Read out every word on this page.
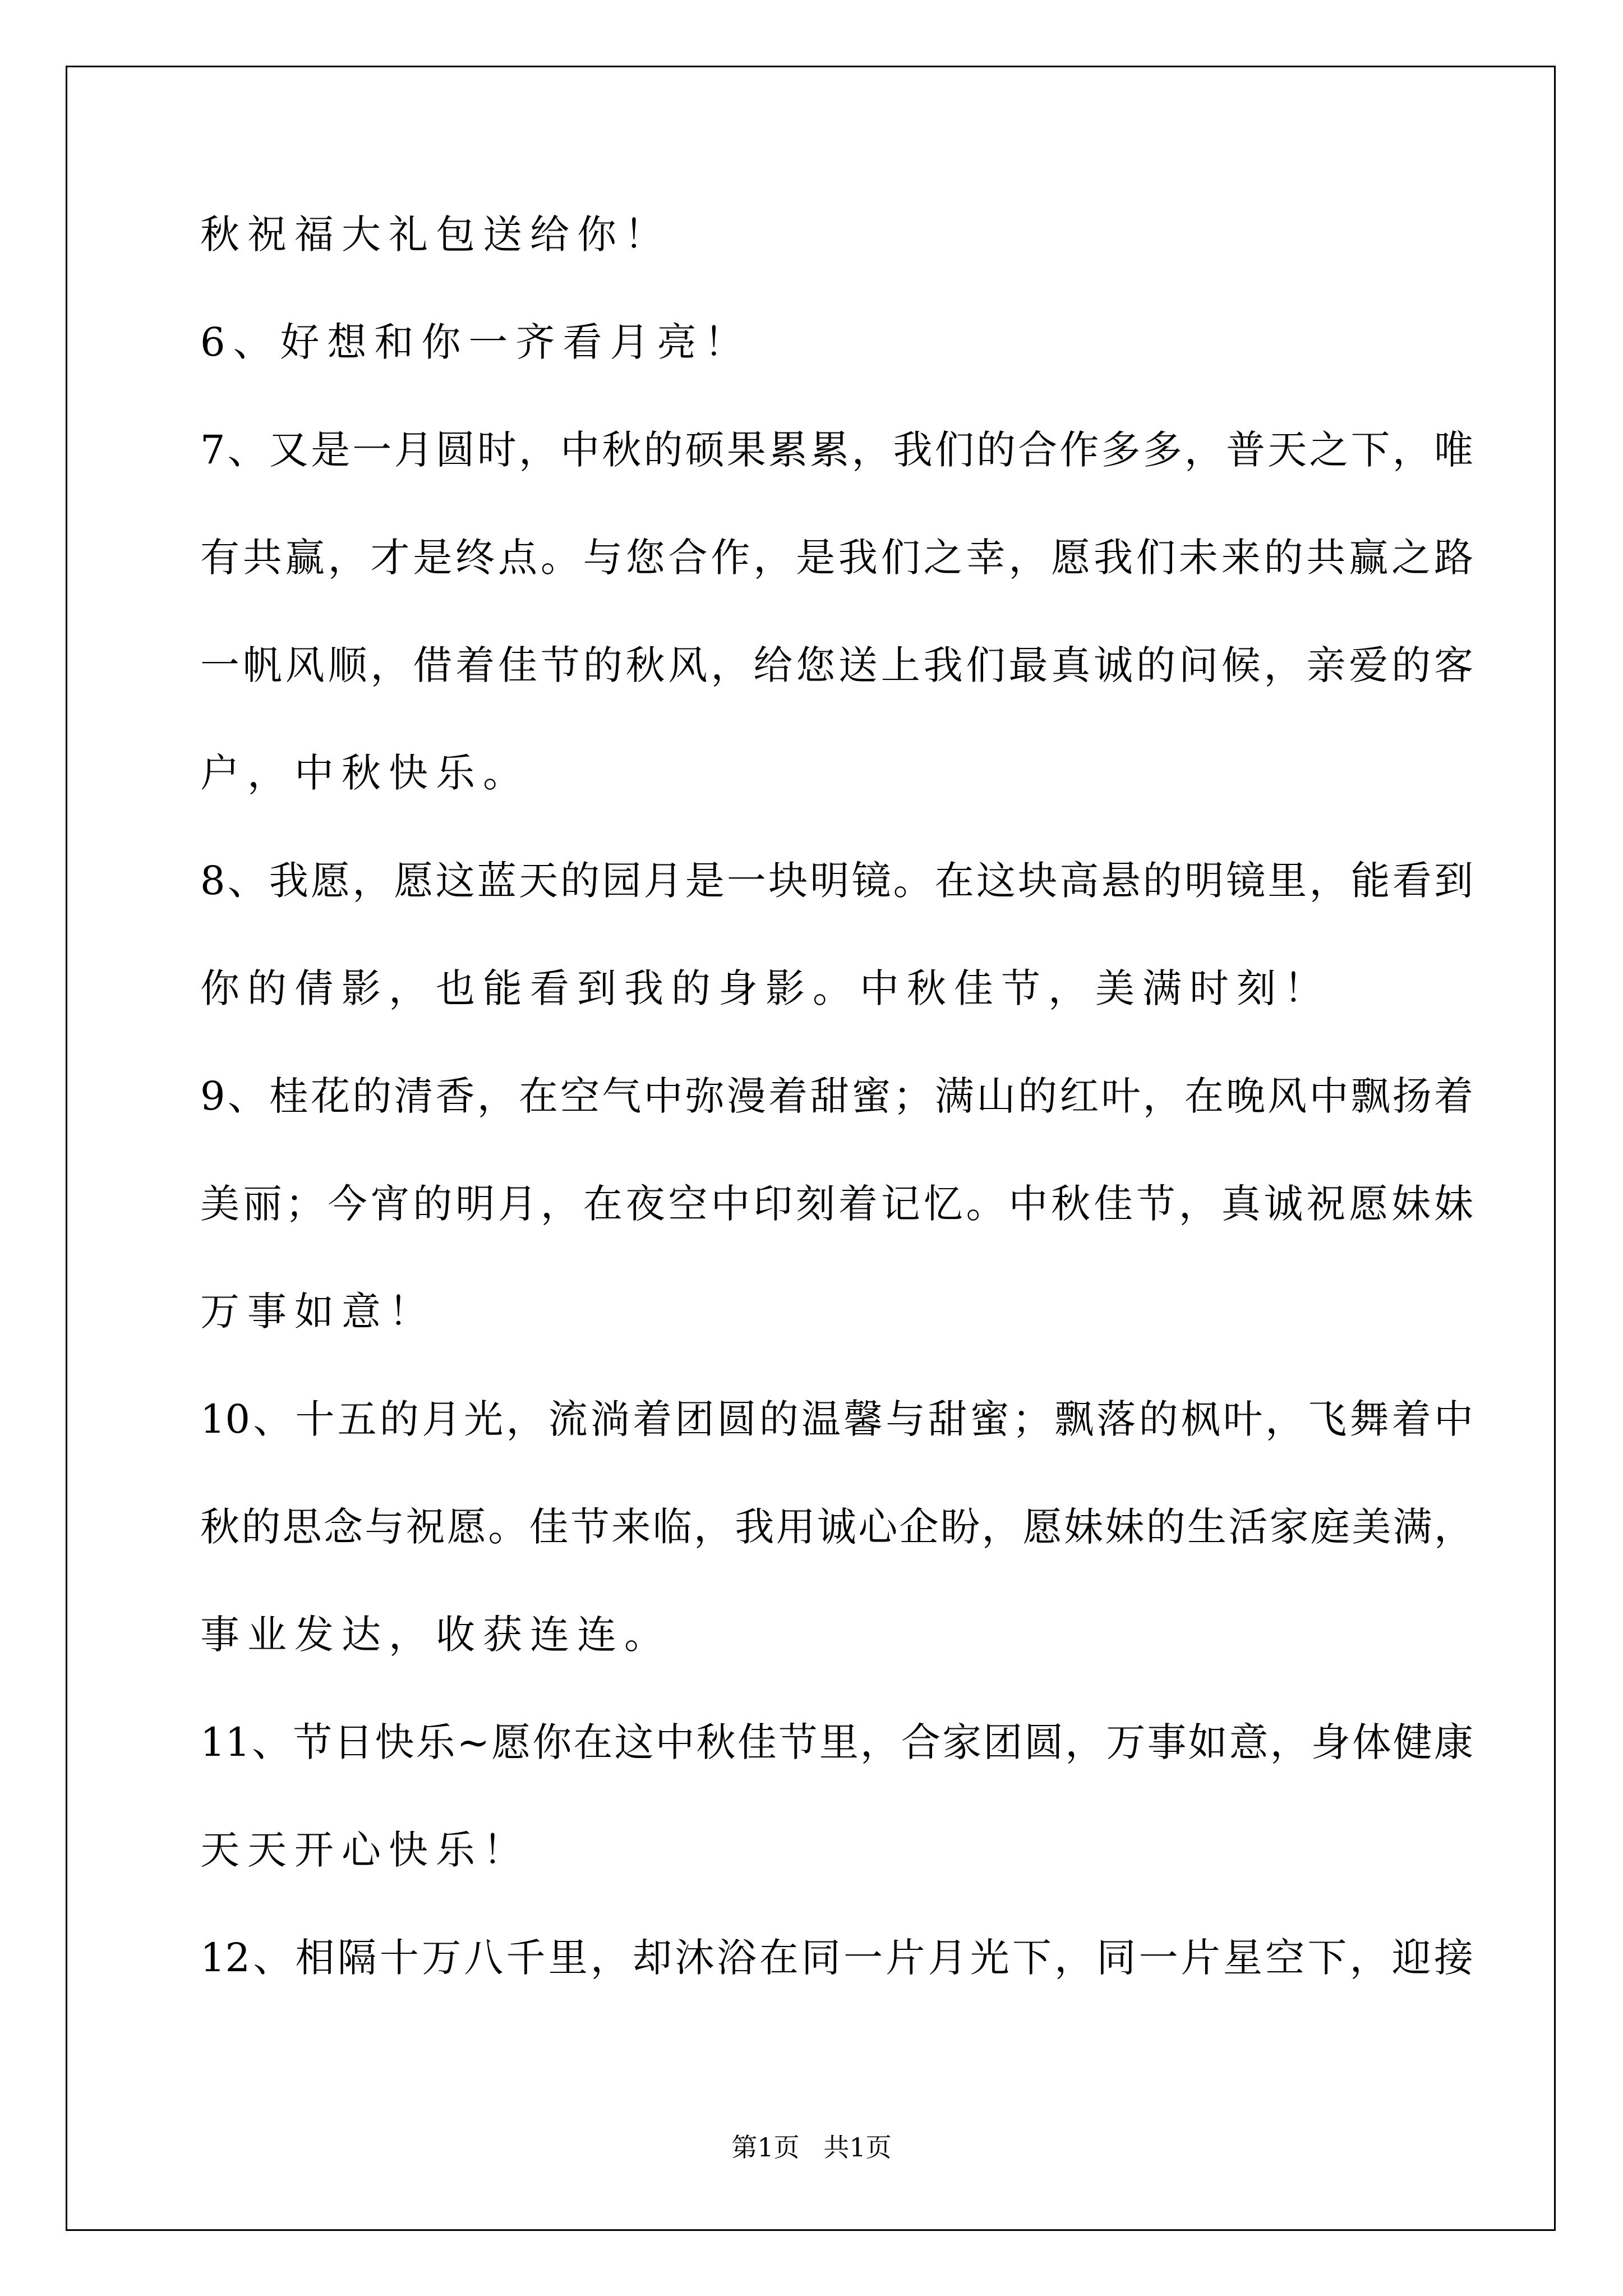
秋祝福大礼包送给你！
6、好想和你一齐看月亮！
7、又是一月圆时，中秋的硕果累累，我们的合作多多，普天之下，唯
有共赢，才是终点。与您合作，是我们之幸，愿我们未来的共赢之路
一帆风顺，借着佳节的秋风，给您送上我们最真诚的问候，亲爱的客
户，中秋快乐。
8、我愿，愿这蓝天的园月是一块明镜。在这块高悬的明镜里，能看到
你的倩影，也能看到我的身影。中秋佳节，美满时刻！
9、桂花的清香，在空气中弥漫着甜蜜；满山的红叶，在晚风中飘扬着
美丽；今宵的明月，在夜空中印刻着记忆。中秋佳节，真诚祝愿妹妹
万事如意！
10、十五的月光，流淌着团圆的温馨与甜蜜；飘落的枫叶，飞舞着中
秋的思念与祝愿。佳节来临，我用诚心企盼，愿妹妹的生活家庭美满，
事业发达，收获连连。
11、节日快乐~愿你在这中秋佳节里，合家团圆，万事如意，身体健康
天天开心快乐！
12、相隔十万八千里，却沐浴在同一片月光下，同一片星空下，迎接
第1页 共1页
